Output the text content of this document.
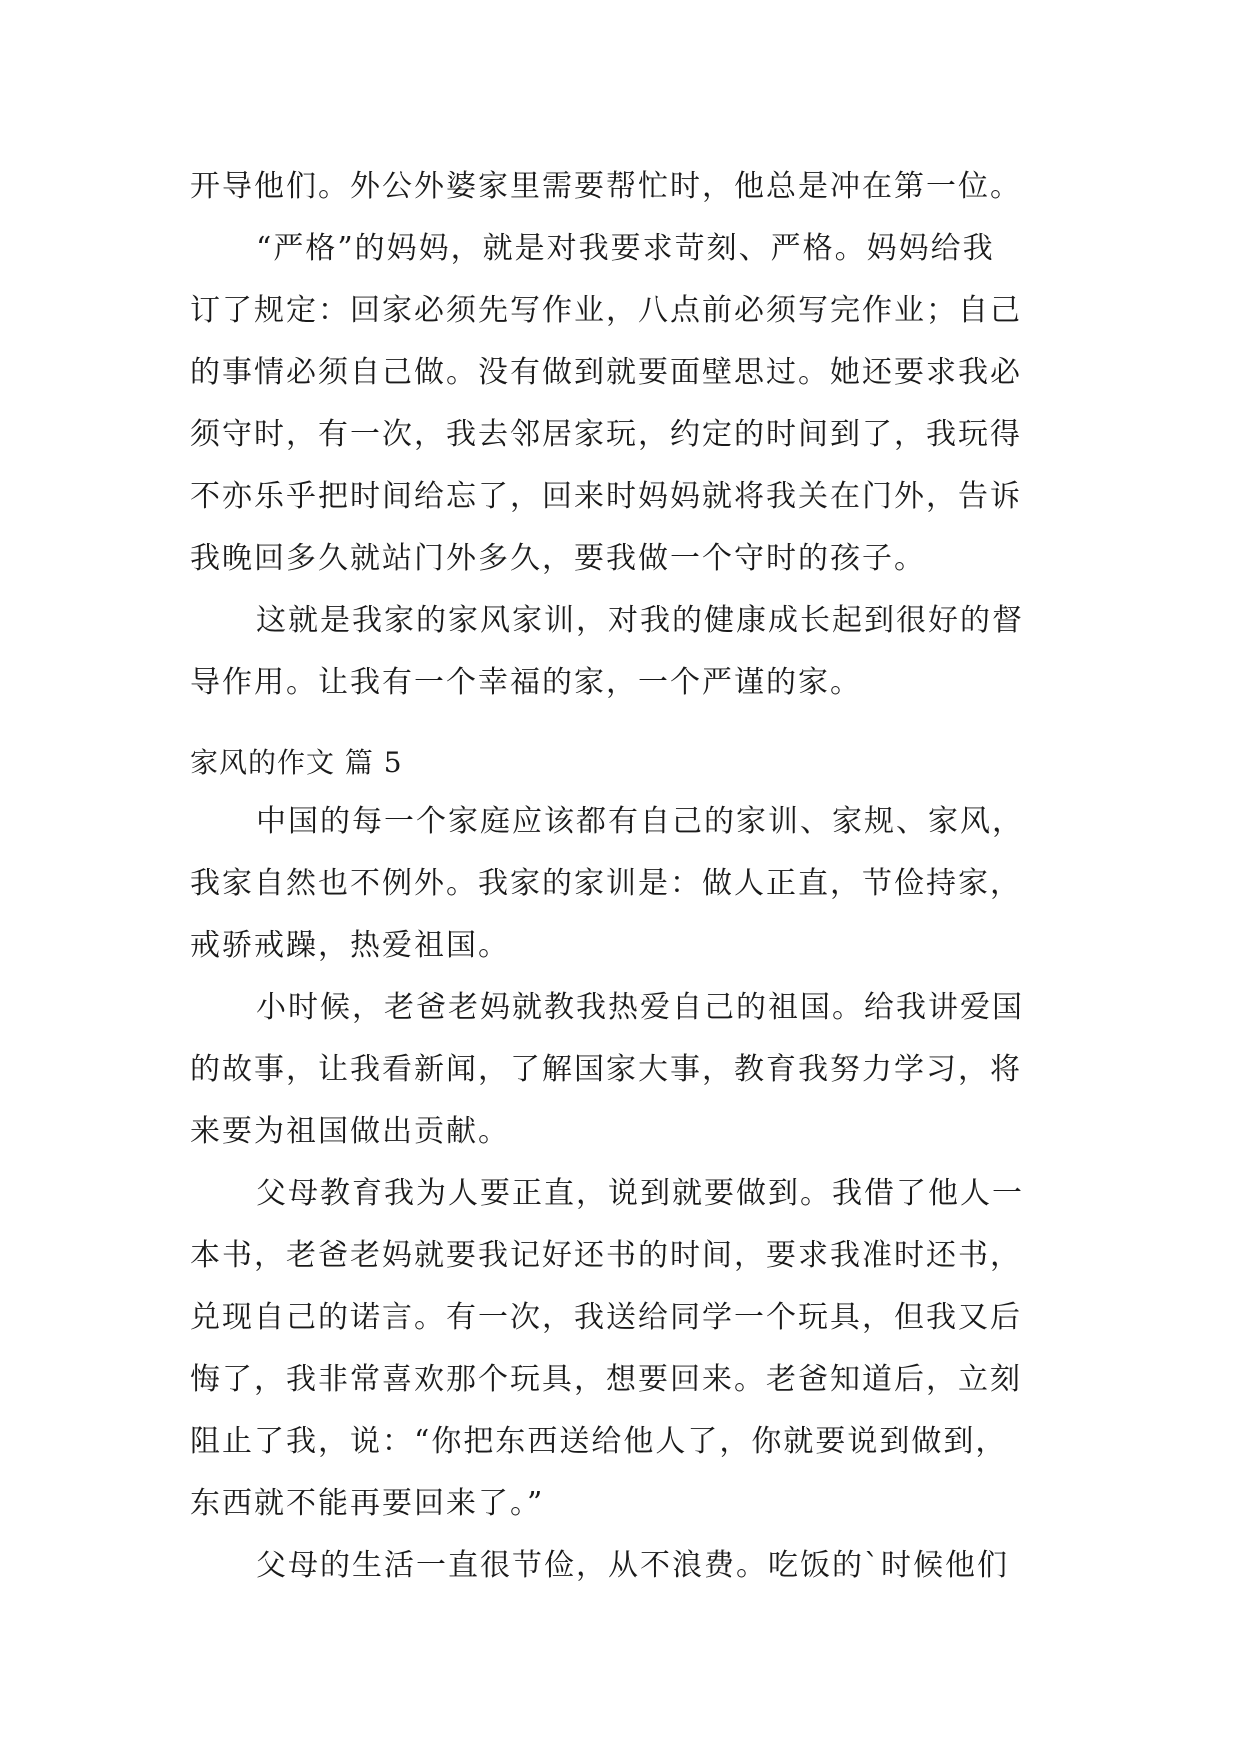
开导他们。外公外婆家里需要帮忙时，他总是冲在第一位。
“严格”的妈妈，就是对我要求苛刻、严格。妈妈给我
订了规定：回家必须先写作业，八点前必须写完作业；自己
的事情必须自己做。没有做到就要面壁思过。她还要求我必
须守时，有一次，我去邻居家玩，约定的时间到了，我玩得
不亦乐乎把时间给忘了，回来时妈妈就将我关在门外，告诉
我晚回多久就站门外多久，要我做一个守时的孩子。
这就是我家的家风家训，对我的健康成长起到很好的督
导作用。让我有一个幸福的家，一个严谨的家。
家风的作文 篇 5
中国的每一个家庭应该都有自己的家训、家规、家风，
我家自然也不例外。我家的家训是：做人正直，节俭持家，
戒骄戒躁，热爱祖国。
小时候，老爸老妈就教我热爱自己的祖国。给我讲爱国
的故事，让我看新闻，了解国家大事，教育我努力学习，将
来要为祖国做出贡献。
父母教育我为人要正直，说到就要做到。我借了他人一
本书，老爸老妈就要我记好还书的时间，要求我准时还书，
兑现自己的诺言。有一次，我送给同学一个玩具，但我又后
悔了，我非常喜欢那个玩具，想要回来。老爸知道后，立刻
阻止了我，说：“你把东西送给他人了，你就要说到做到，
东西就不能再要回来了。”
父母的生活一直很节俭，从不浪费。吃饭的`时候他们
